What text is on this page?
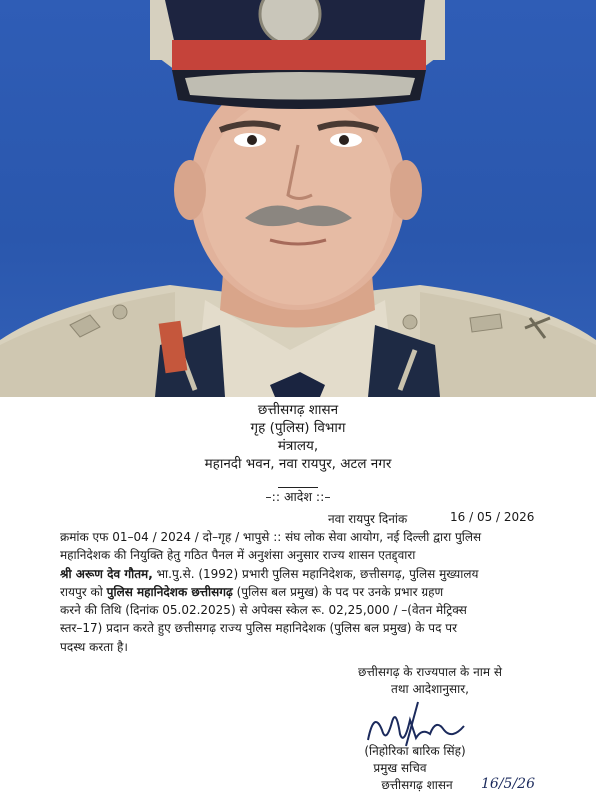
छत्तीसगढ़ शासन
गृह (पुलिस) विभाग
मंत्रालय,
महानदी भवन, नवा रायपुर, अटल नगर
–:: आदेश ::–
नवा रायपुर दिनांक	16 / 05 / 2026
क्रमांक एफ 01–04 / 2024 / दो–गृह / भापुसे :: संघ लोक सेवा आयोग, नई दिल्ली द्वारा पुलिस
महानिदेशक की नियुक्ति हेतु गठित पैनल में अनुशंसा अनुसार राज्य शासन एतद्द्वारा
श्री अरूण देव गौतम, भा.पु.से. (1992) प्रभारी पुलिस महानिदेशक, छत्तीसगढ़, पुलिस मुख्यालय
रायपुर को पुलिस महानिदेशक छत्तीसगढ़ (पुलिस बल प्रमुख) के पद पर उनके प्रभार ग्रहण
करने की तिथि (दिनांक 05.02.2025) से अपेक्स स्केल रू. 02,25,000 / –(वेतन मेट्रिक्स
स्तर–17) प्रदान करते हुए छत्तीसगढ़ राज्य पुलिस महानिदेशक (पुलिस बल प्रमुख) के पद पर
पदस्थ करता है।
छत्तीसगढ़ के राज्यपाल के नाम से
तथा आदेशानुसार,
(निहोरिका बारिक सिंह)
प्रमुख सचिव
छत्तीसगढ़ शासन	16/5/26
